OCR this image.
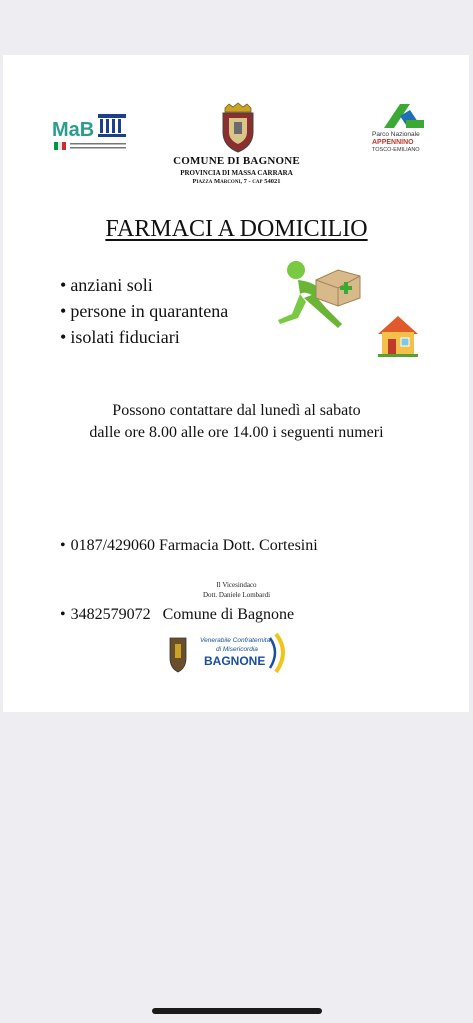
MaB	Parco Nazionale
APPENNINO
TOSCO-EMILIANO
COMUNE DI BAGNONE
PROVINCIA DI MASSA CARRARA
Piazza Marconi, 7 - cap 54021
FARMACI A DOMICILIO
• anziani soli
• persone in quarantena
• isolati fiduciari
Possono contattare dal lunedì al sabato
dalle ore 8.00 alle ore 14.00 i seguenti numeri

• 0187/429060 Farmacia Dott. Cortesini

• 3482579072   Comune di Bagnone

Il Vicesindaco
Dott. Daniele Lombardi
Venerabile Confraternita
di Misericordia
BAGNONE
